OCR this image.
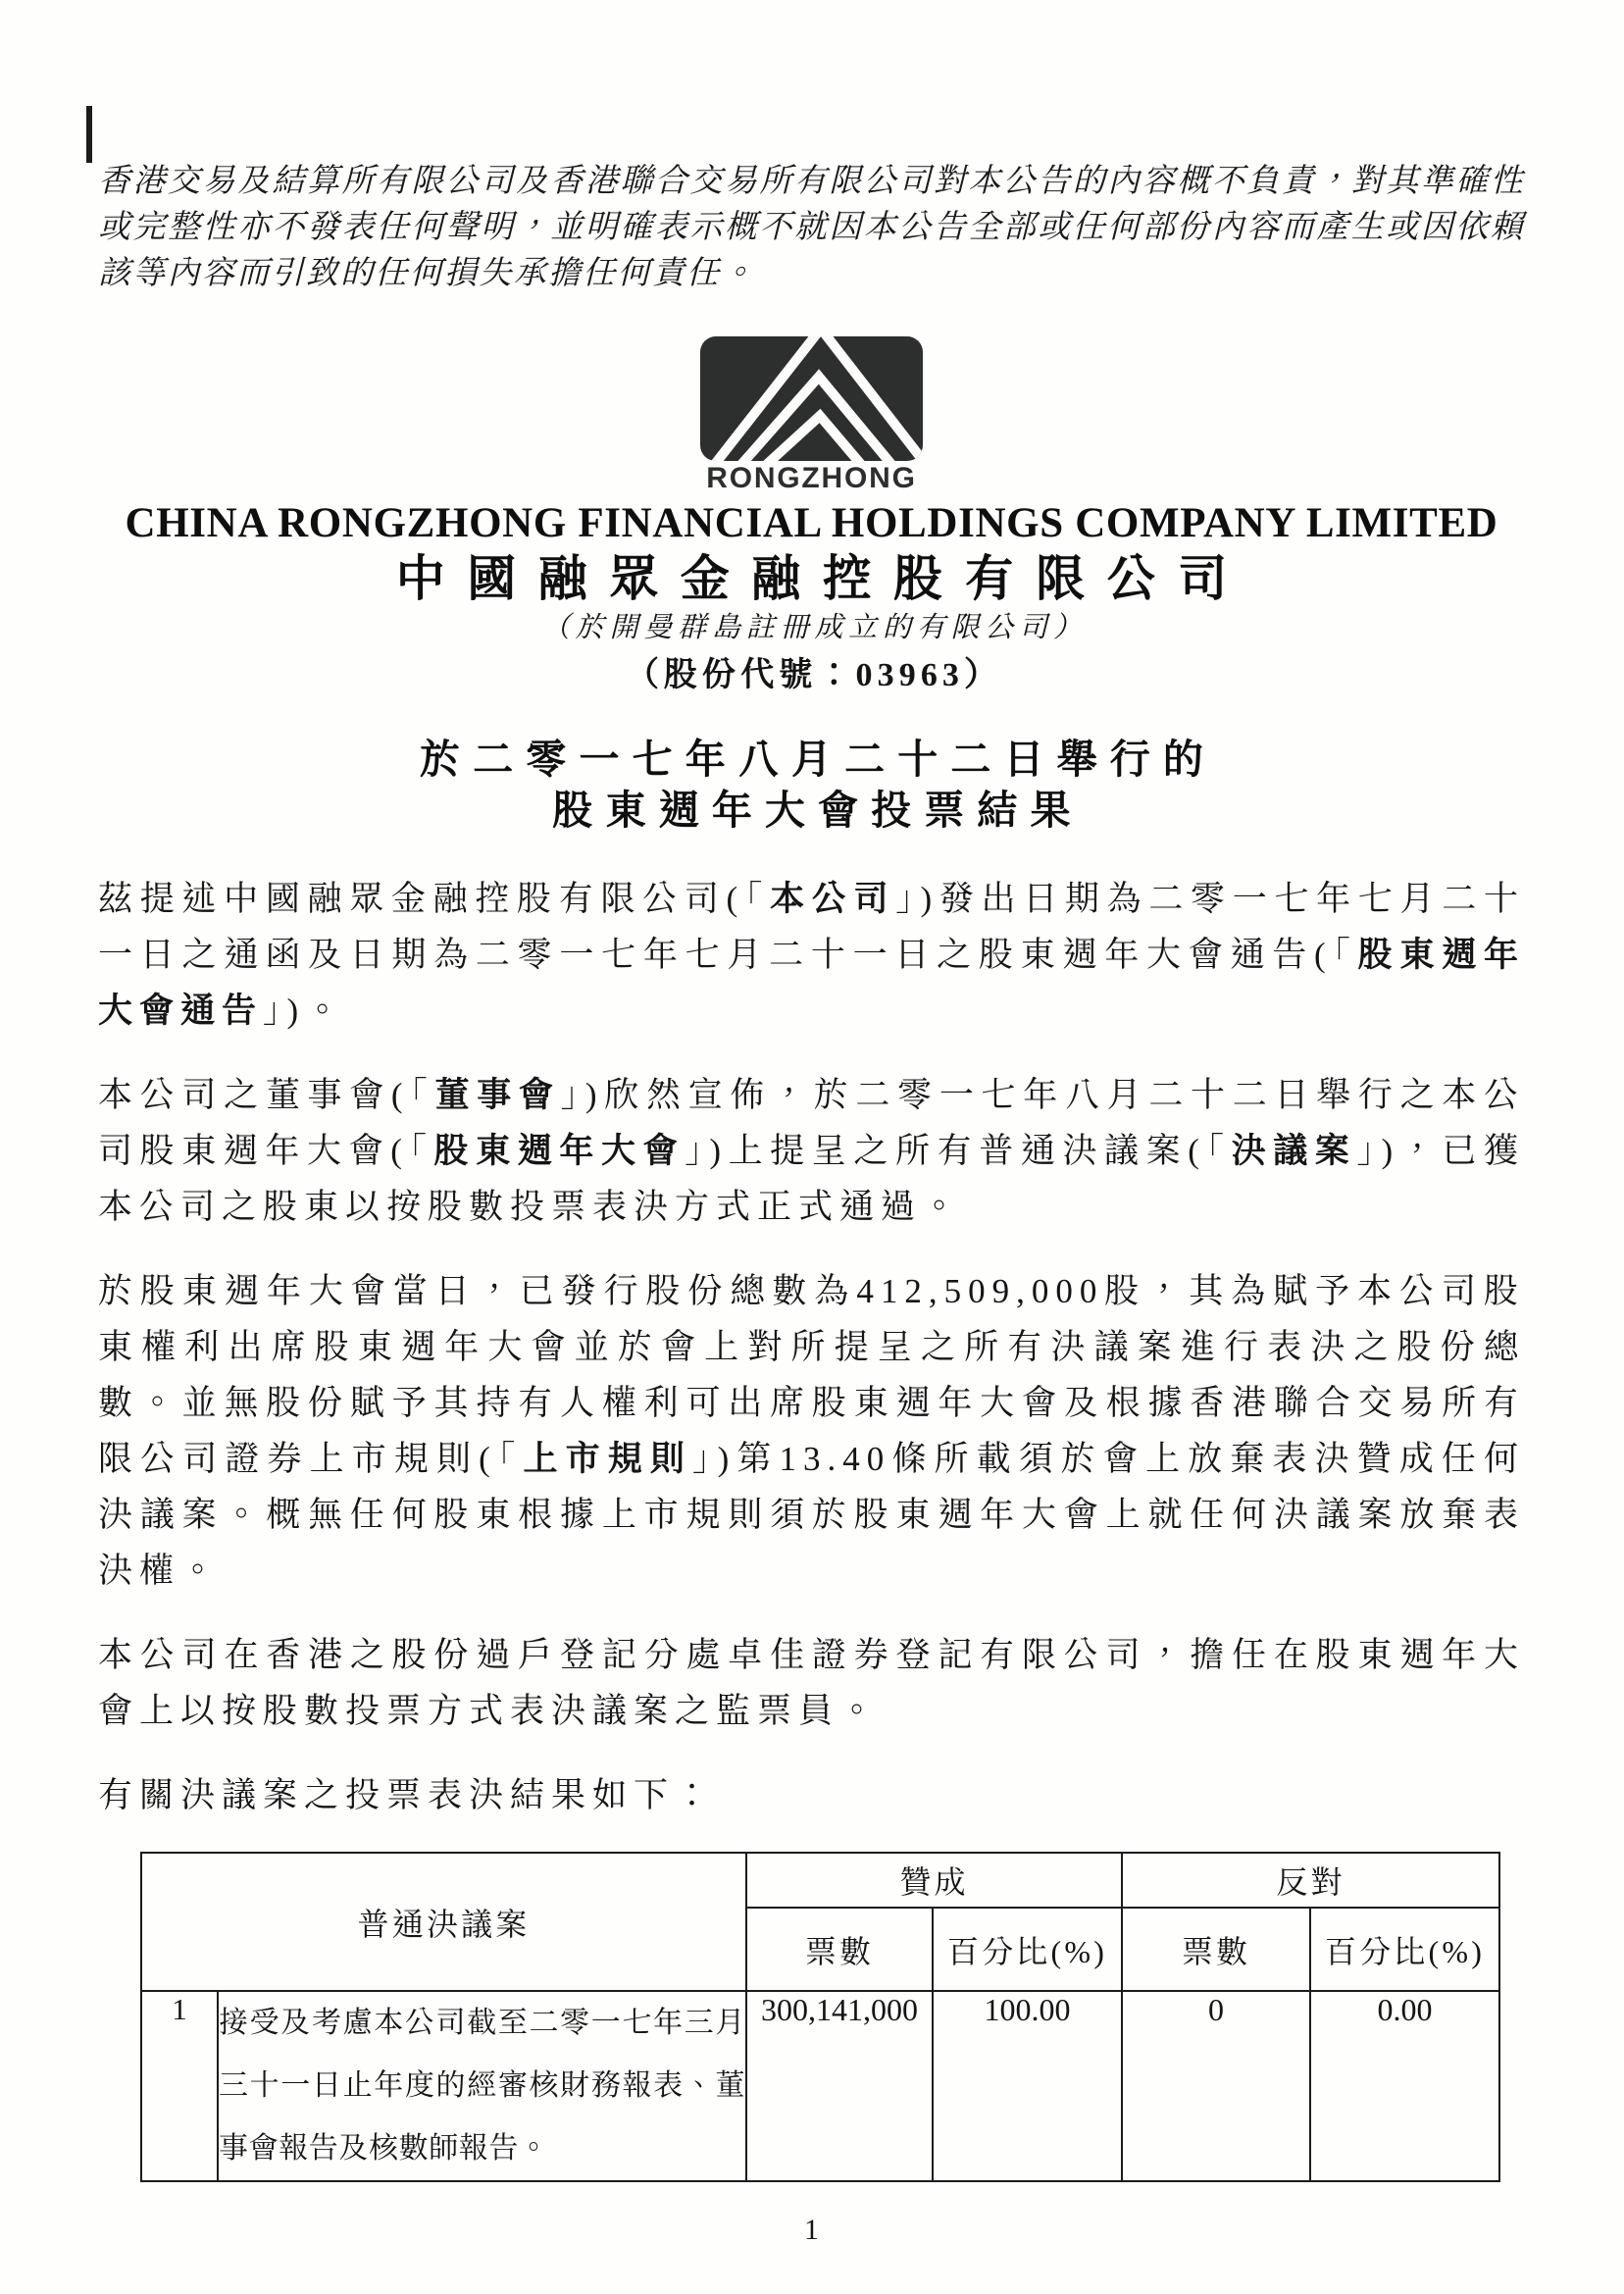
香港交易及結算所有限公司及香港聯合交易所有限公司對本公告的內容概不負責，對其準確性或完整性亦不發表任何聲明，並明確表示概不就因本公告全部或任何部份內容而產生或因依賴該等內容而引致的任何損失承擔任何責任。

RONGZHONG
CHINA RONGZHONG FINANCIAL HOLDINGS COMPANY LIMITED
中國融眾金融控股有限公司
（於開曼群島註冊成立的有限公司）
（股份代號：03963）
於二零一七年八月二十二日舉行的
股東週年大會投票結果

茲提述中國融眾金融控股有限公司(「本公司」)發出日期為二零一七年七月二十一日之通函及日期為二零一七年七月二十一日之股東週年大會通告(「股東週年大會通告」)。

本公司之董事會(「董事會」)欣然宣佈，於二零一七年八月二十二日舉行之本公司股東週年大會(「股東週年大會」)上提呈之所有普通決議案(「決議案」)，已獲本公司之股東以按股數投票表決方式正式通過。

於股東週年大會當日，已發行股份總數為412,509,000股，其為賦予本公司股東權利出席股東週年大會並於會上對所提呈之所有決議案進行表決之股份總數。並無股份賦予其持有人權利可出席股東週年大會及根據香港聯合交易所有限公司證券上市規則(「上市規則」)第13.40條所載須於會上放棄表決贊成任何決議案。概無任何股東根據上市規則須於股東週年大會上就任何決議案放棄表決權。

本公司在香港之股份過戶登記分處卓佳證券登記有限公司，擔任在股東週年大會上以按股數投票方式表決議案之監票員。

有關決議案之投票表決結果如下：

普通決議案		贊成		反對	
		票數	百分比(%)	票數	百分比(%)
1	接受及考慮本公司截至二零一七年三月三十一日止年度的經審核財務報表、董事會報告及核數師報告。	300,141,000	100.00	0	0.00
1
